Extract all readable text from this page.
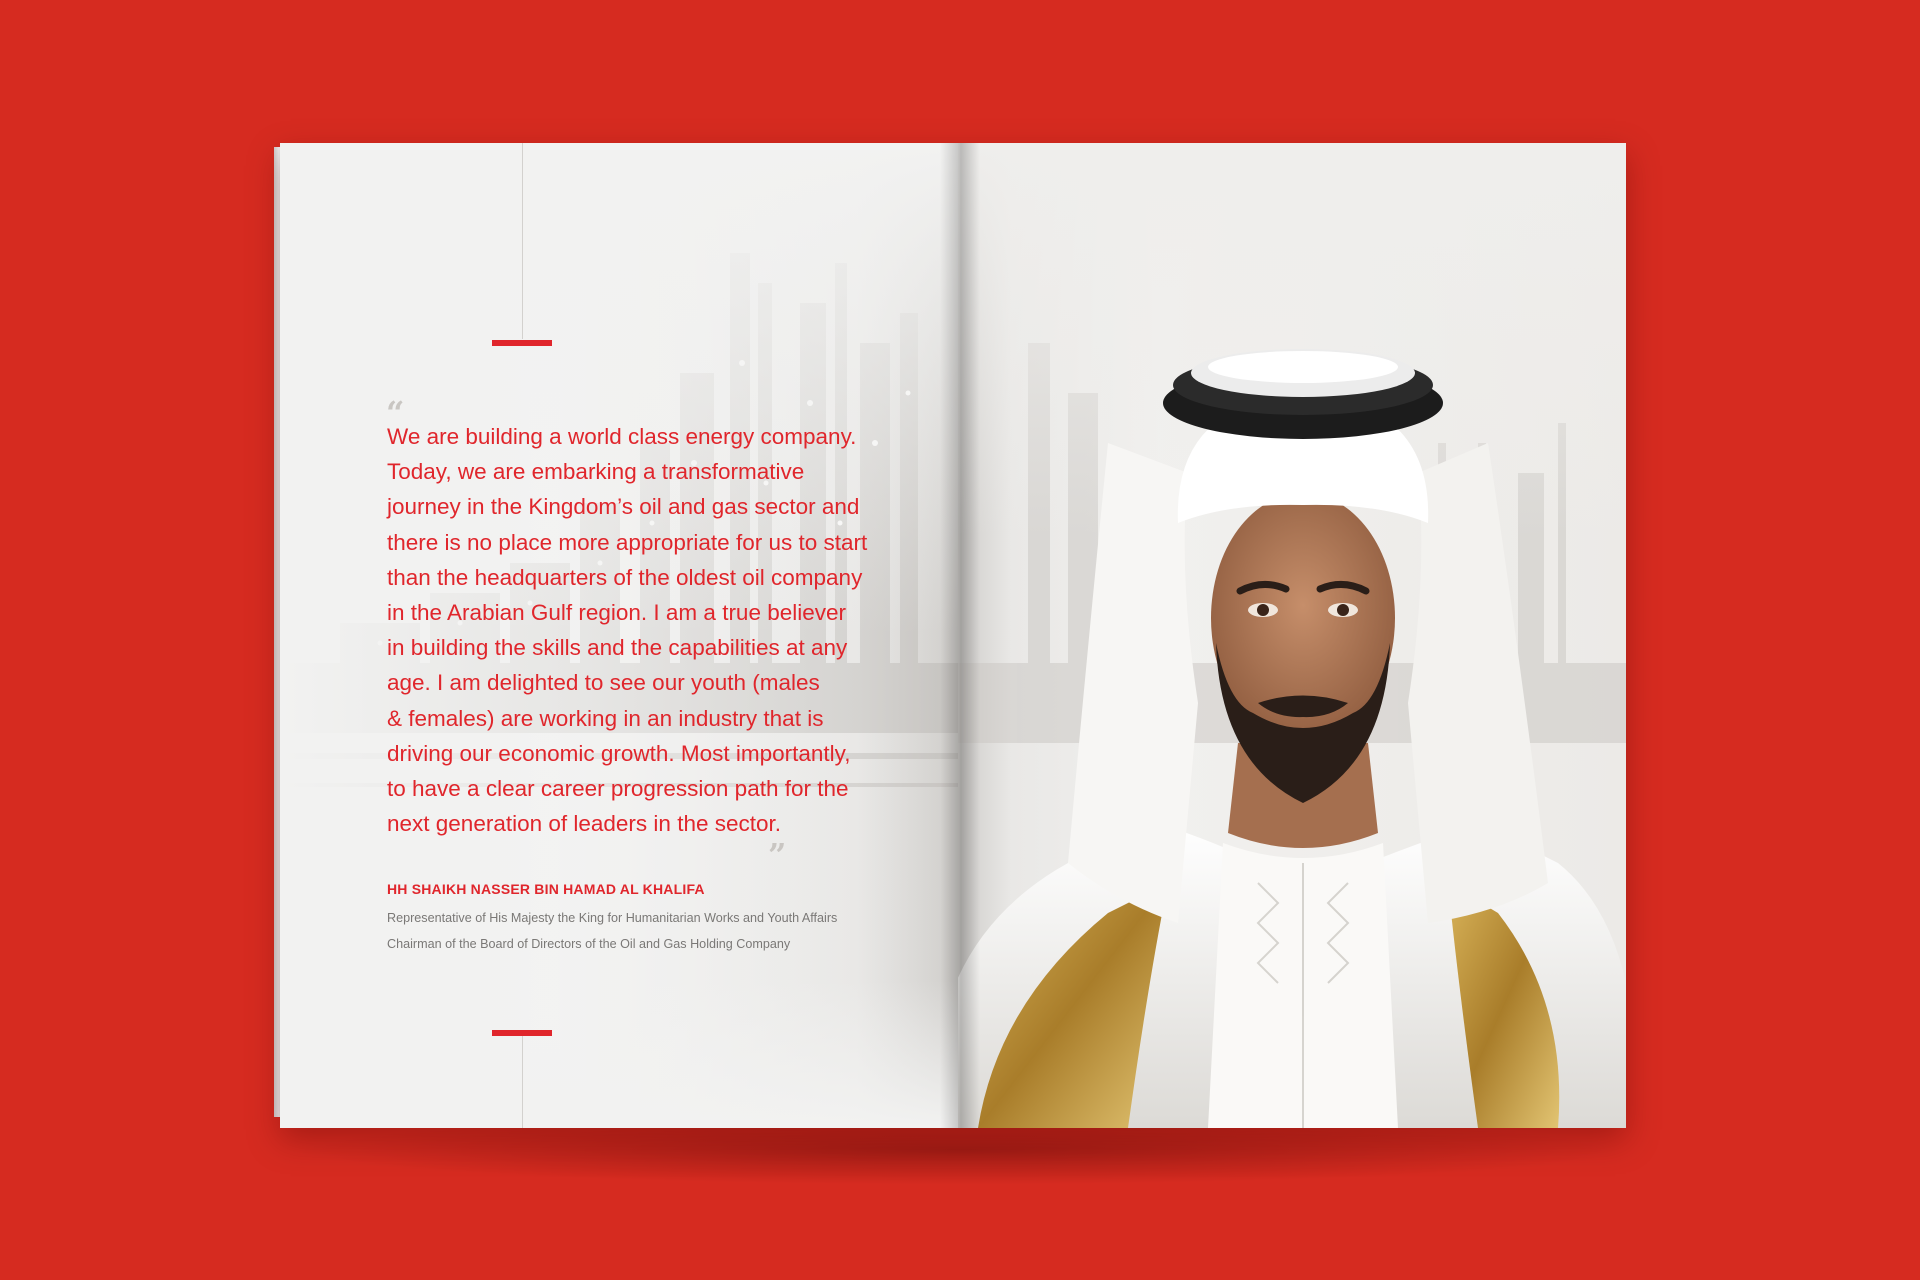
“

We are building a world class energy company.
Today, we are embarking a transformative
journey in the Kingdom’s oil and gas sector and
there is no place more appropriate for us to start
than the headquarters of the oldest oil company
in the Arabian Gulf region. I am a true believer
in building the skills and the capabilities at any
age. I am delighted to see our youth (males
& females) are working in an industry that is
driving our economic growth. Most importantly,
to have a clear career progression path for the
next generation of leaders in the sector.

”
HH SHAIKH NASSER BIN HAMAD AL KHALIFA
Representative of His Majesty the King for Humanitarian Works and Youth Affairs
Chairman of the Board of Directors of the Oil and Gas Holding Company
